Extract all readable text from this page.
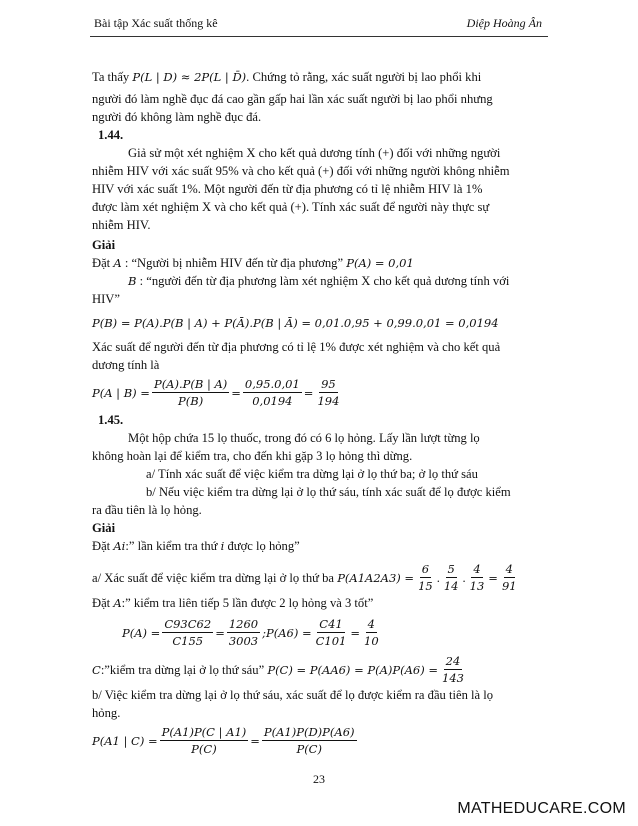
Bài tập Xác suất thống kê	Diệp Hoàng Ân

Ta thấy P(L | D) ≈ 2P(L | D̄). Chứng tỏ rằng, xác suất người bị lao phổi khi

người đó làm nghề đục đá cao gần gấp hai lần xác suất người bị lao phổi nhưng

người đó không làm nghề đục đá.

1.44.

Giả sử một xét nghiệm X cho kết quả dương tính (+) đối với những người

nhiễm HIV với xác suất 95% và cho kết quả (+) đối với những người không nhiễm

HIV với xác suất 1%. Một người đến từ địa phương có tỉ lệ nhiễm HIV là 1%

được làm xét nghiệm X và cho kết quả (+). Tính xác suất để người này thực sự

nhiễm HIV.

Giải

Đặt A : “Người bị nhiễm HIV đến từ địa phương” P(A) = 0,01

B : “người đến từ địa phương làm xét nghiệm X cho kết quả dương tính với

HIV”

P(B) = P(A).P(B | A) + P(Ā).P(B | Ā) = 0,01.0,95 + 0,99.0,01 = 0,0194

Xác suất để người đến từ địa phương có tỉ lệ 1% được xét nghiệm và cho kết quả

dương tính là

P(A | $B) = \frac{P(A).P(B | A)}{P(B)} = \frac{0,95.0,01}{0,0194} = \frac{95}{194}$

1.45.

Một hộp chứa 15 lọ thuốc, trong đó có 6 lọ hỏng. Lấy lần lượt từng lọ

không hoàn lại để kiểm tra, cho đến khi gặp 3 lọ hỏng thì dừng.

a/ Tính xác suất để việc kiểm tra dừng lại ở lọ thứ ba; ở lọ thứ sáu

b/ Nếu việc kiểm tra dừng lại ở lọ thứ sáu, tính xác suất để lọ được kiểm

ra đầu tiên là lọ hỏng.

Giải

Đặt Ai:” lần kiểm tra thứ i được lọ hỏng”

a/ Xác suất để việc kiểm tra dừng lại ở lọ thứ ba
$P(A1A2A3) = \frac{6}{15}$ . $\frac{5}{14}$ . $\frac{4}{13} = \frac{4}{91}$

Đặt A:” kiểm tra liên tiếp 5 lần được 2 lọ hỏng và 3 tốt”

$P(A) = \frac{C93C62}{C155} = \frac{1260}{3003}$ ;P(A6) = $\frac{C41}{C101} = \frac{4}{10}$
C :”kiểm tra dừng lại ở lọ thứ sáu”
$P(C) = P(AA6) = P(A)P(A6) = \frac{24}{143}$

b/ Việc kiểm tra dừng lại ở lọ thứ sáu, xác suất để lọ được kiểm ra đầu tiên là lọ

hỏng.

P(A1 | $C) = \frac{P(A1)P(C | A1)}{P(C)} = \frac{P(A1)P(D)P(A6)}{P(C)}$
23
MATHEDUCARE.COM
